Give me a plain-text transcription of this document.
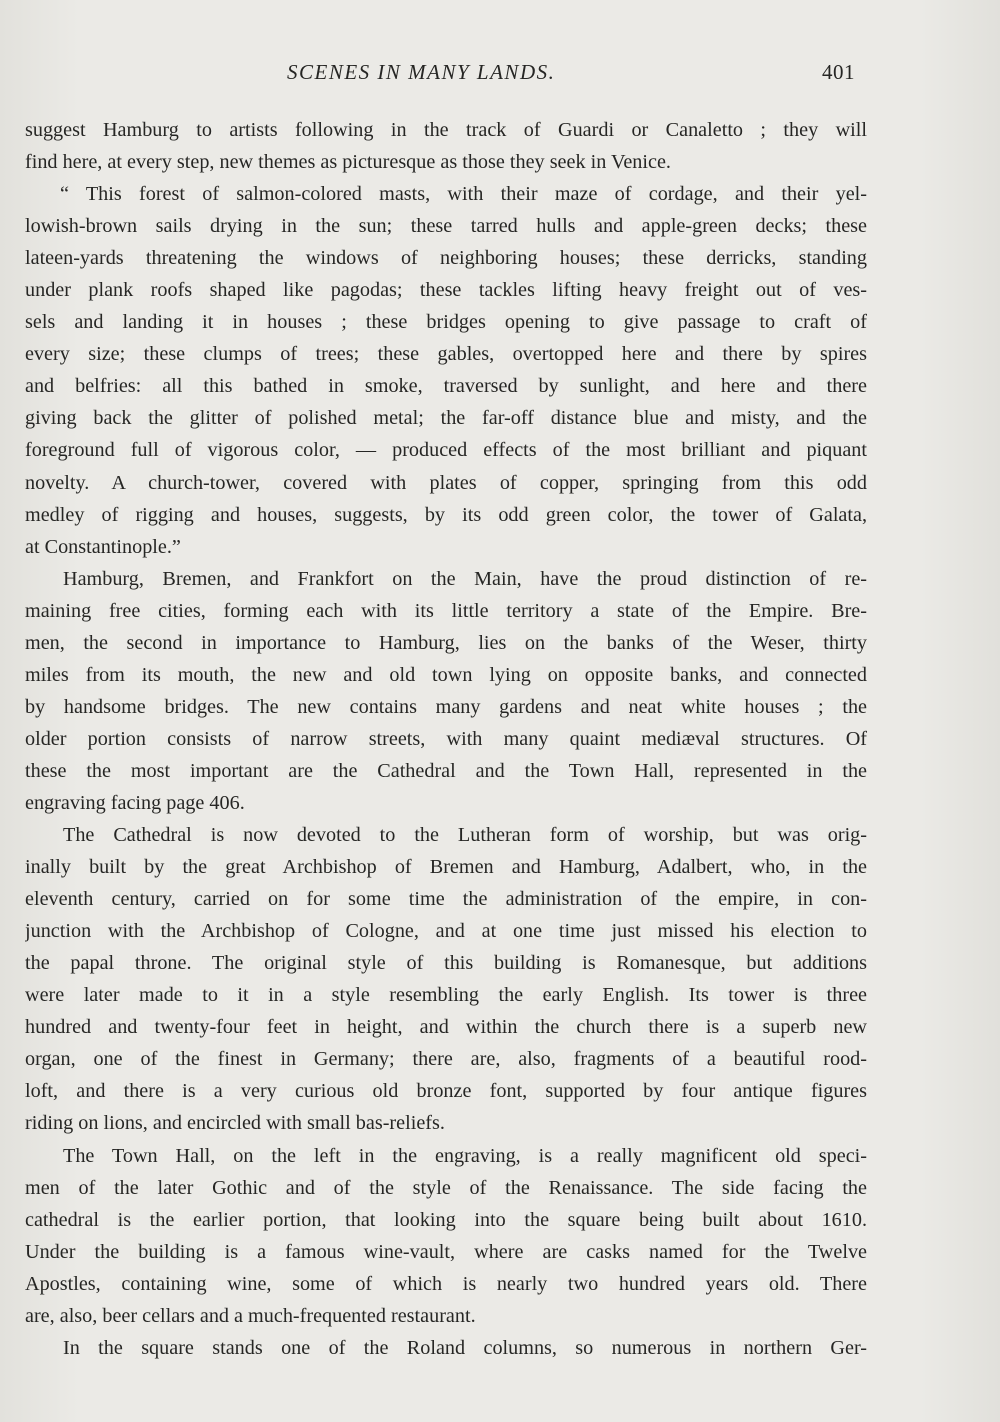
SCENES IN MANY LANDS.	401
suggest Hamburg to artists following in the track of Guardi or Canaletto ; they will
find here, at every step, new themes as picturesque as those they seek in Venice.
“ This forest of salmon-colored masts, with their maze of cordage, and their yel-
lowish-brown sails drying in the sun; these tarred hulls and apple-green decks; these
lateen-yards threatening the windows of neighboring houses; these derricks, standing
under plank roofs shaped like pagodas; these tackles lifting heavy freight out of ves-
sels and landing it in houses ; these bridges opening to give passage to craft of
every size; these clumps of trees; these gables, overtopped here and there by spires
and belfries: all this bathed in smoke, traversed by sunlight, and here and there
giving back the glitter of polished metal; the far-off distance blue and misty, and the
foreground full of vigorous color, — produced effects of the most brilliant and piquant
novelty. A church-tower, covered with plates of copper, springing from this odd
medley of rigging and houses, suggests, by its odd green color, the tower of Galata,
at Constantinople.”
Hamburg, Bremen, and Frankfort on the Main, have the proud distinction of re-
maining free cities, forming each with its little territory a state of the Empire. Bre-
men, the second in importance to Hamburg, lies on the banks of the Weser, thirty
miles from its mouth, the new and old town lying on opposite banks, and connected
by handsome bridges. The new contains many gardens and neat white houses ; the
older portion consists of narrow streets, with many quaint mediæval structures. Of
these the most important are the Cathedral and the Town Hall, represented in the
engraving facing page 406.
The Cathedral is now devoted to the Lutheran form of worship, but was orig-
inally built by the great Archbishop of Bremen and Hamburg, Adalbert, who, in the
eleventh century, carried on for some time the administration of the empire, in con-
junction with the Archbishop of Cologne, and at one time just missed his election to
the papal throne. The original style of this building is Romanesque, but additions
were later made to it in a style resembling the early English. Its tower is three
hundred and twenty-four feet in height, and within the church there is a superb new
organ, one of the finest in Germany; there are, also, fragments of a beautiful rood-
loft, and there is a very curious old bronze font, supported by four antique figures
riding on lions, and encircled with small bas-reliefs.
The Town Hall, on the left in the engraving, is a really magnificent old speci-
men of the later Gothic and of the style of the Renaissance. The side facing the
cathedral is the earlier portion, that looking into the square being built about 1610.
Under the building is a famous wine-vault, where are casks named for the Twelve
Apostles, containing wine, some of which is nearly two hundred years old. There
are, also, beer cellars and a much-frequented restaurant.
In the square stands one of the Roland columns, so numerous in northern Ger-
